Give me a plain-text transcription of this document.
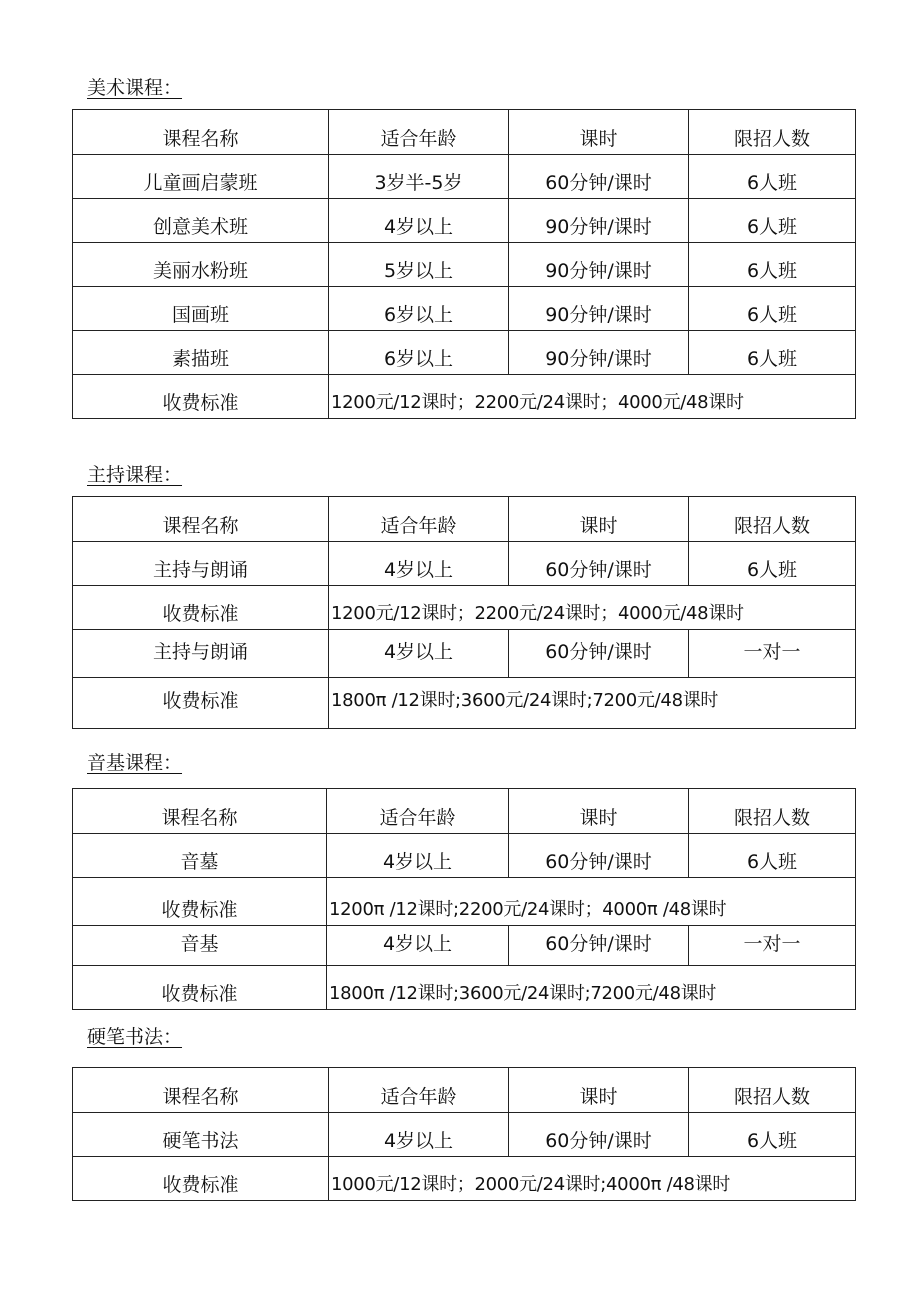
美术课程：
课程名称	适合年龄	课时	限招人数
儿童画启蒙班	3岁半-5岁	60分钟/课时	6人班
创意美术班	4岁以上	90分钟/课时	6人班
美丽水粉班	5岁以上	90分钟/课时	6人班
国画班	6岁以上	90分钟/课时	6人班
素描班	6岁以上	90分钟/课时	6人班
收费标准	1200元/12课时；2200元/24课时；4000元/48课时		
主持课程：
课程名称	适合年龄	课时	限招人数
主持与朗诵	4岁以上	60分钟/课时	6人班
收费标准	1200元/12课时；2200元/24课时；4000元/48课时		
主持与朗诵	4岁以上	60分钟/课时	一对一
收费标准	1800π /12课时;3600元/24课时;7200元/48课时		
音基课程：
课程名称	适合年龄	课时	限招人数
音墓	4岁以上	60分钟/课时	6人班
收费标准	1200π /12课时;2200元/24课时；4000π /48课时		
音基	4岁以上	60分钟/课时	一对一
收费标准	1800π /12课时;3600元/24课时;7200元/48课时		
硬笔书法：
课程名称	适合年龄	课时	限招人数
硬笔书法	4岁以上	60分钟/课时	6人班
收费标准	1000元/12课时；2000元/24课时;4000π /48课时		
